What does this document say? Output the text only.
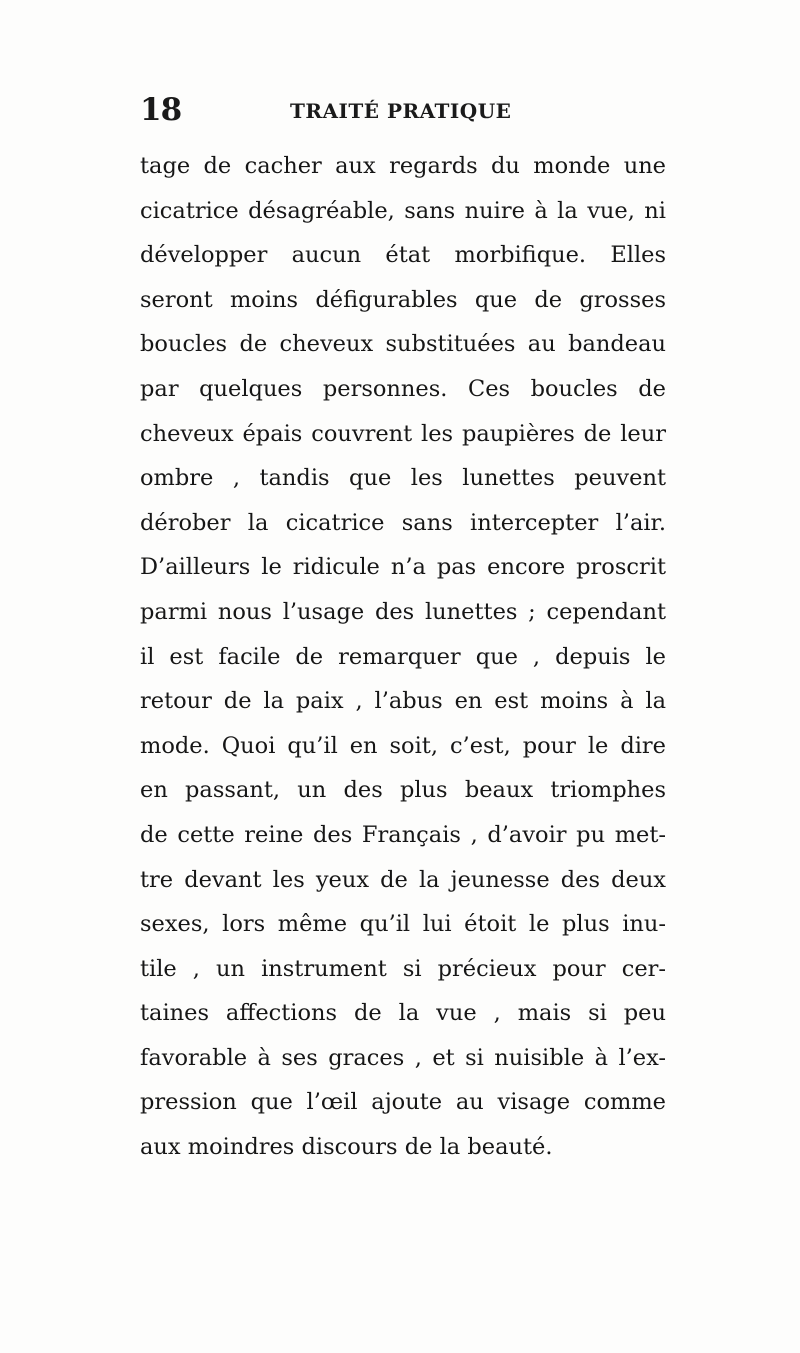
18	TRAITÉ PRATIQUE
tage de cacher aux regards du monde une
cicatrice désagréable, sans nuire à la vue, ni
développer aucun état morbifique. Elles
seront moins défigurables que de grosses
boucles de cheveux substituées au bandeau
par quelques personnes. Ces boucles de
cheveux épais couvrent les paupières de leur
ombre , tandis que les lunettes peuvent
dérober la cicatrice sans intercepter l’air.
D’ailleurs le ridicule n’a pas encore proscrit
parmi nous l’usage des lunettes ; cependant
il est facile de remarquer que , depuis le
retour de la paix , l’abus en est moins à la
mode. Quoi qu’il en soit, c’est, pour le dire
en passant, un des plus beaux triomphes
de cette reine des Français , d’avoir pu met-
tre devant les yeux de la jeunesse des deux
sexes, lors même qu’il lui étoit le plus inu-
tile , un instrument si précieux pour cer-
taines affections de la vue , mais si peu
favorable à ses graces , et si nuisible à l’ex-
pression que l’œil ajoute au visage comme
aux moindres discours de la beauté.
